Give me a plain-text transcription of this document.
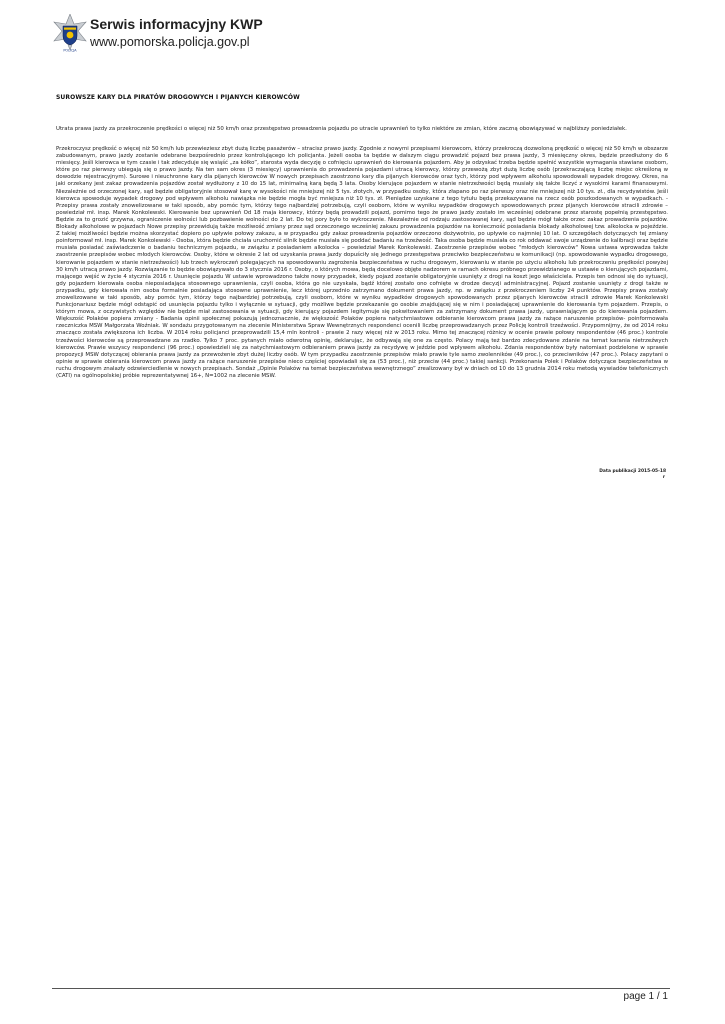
POLICJA
Serwis informacyjny KWP
www.pomorska.policja.gov.pl
SUROWSZE KARY DLA PIRATÓW DROGOWYCH I PIJANYCH KIEROWCÓW
Utrata prawa jazdy za przekroczenie prędkości o więcej niż 50 km/h oraz przestępstwo prowadzenia pojazdu po utracie uprawnień to tylko niektóre ze zmian, które zaczną obowiązywać w najbliższy poniedziałek.
Przekroczysz prędkość o więcej niż 50 km/h lub przewieziesz zbyt dużą liczbę pasażerów – stracisz prawo jazdy. Zgodnie z nowymi przepisami kierowcom, którzy przekroczą dozwoloną prędkość o więcej niż 50 km/h w obszarze zabudowanym, prawo jazdy zostanie odebrane bezpośrednio przez kontrolującego ich policjanta. Jeżeli osoba ta będzie w dalszym ciągu prowadzić pojazd bez prawa jazdy, 3 miesięczny okres, będzie przedłużony do 6 miesięcy. Jeśli kierowca w tym czasie i tak zdecyduje się wsiąść „za kółko”, starosta wyda decyzję o cofnięciu uprawnień do kierowania pojazdem. Aby je odzyskać trzeba będzie spełnić wszystkie wymagania stawiane osobom, które po raz pierwszy ubiegają się o prawo jazdy. Na ten sam okres (3 miesięcy) uprawnienia do prowadzenia pojazdami utracą kierowcy, którzy przewożą zbyt dużą liczbę osób (przekraczającą liczbę miejsc określoną w dowodzie rejestracyjnym). Surowe i nieuchronne kary dla pijanych kierowców W nowych przepisach zaostrzono kary dla pijanych kierowców oraz tych, którzy pod wpływem alkoholu spowodowali wypadek drogowy. Okres, na jaki orzekany jest zakaz prowadzenia pojazdów został wydłużony z 10 do 15 lat, minimalną karą będą 3 lata. Osoby kierujące pojazdem w stanie nietrzeźwości będą musiały się także liczyć z wysokimi karami finansowymi. Niezależnie od orzeczonej kary, sąd będzie obligatoryjnie stosował karę w wysokości nie mniejszej niż 5 tys. złotych, w przypadku osoby, która złapano po raz pierwszy oraz nie mniejszej niż 10 tys. zł., dla recydywistów. Jeśli kierowca spowoduje wypadek drogowy pod wpływem alkoholu nawiązka nie będzie mogła być mniejsza niż 10 tys. zł. Pieniądze uzyskane z tego tytułu będą przekazywane na rzecz osób poszkodowanych w wypadkach. - Przepisy prawa zostały znowelizowane w taki sposób, aby pomóc tym, którzy tego najbardziej potrzebują, czyli osobom, które w wyniku wypadków drogowych spowodowanych przez pijanych kierowców stracili zdrowie – powiedział mł. insp. Marek Konkolewski. Kierowanie bez uprawnień Od 18 maja kierowcy, którzy będą prowadzili pojazd, pomimo tego że prawo jazdy zostało im wcześniej odebrane przez starostę popełnią przestępstwo. Będzie za to grozić grzywna, ograniczenie wolności lub pozbawienie wolności do 2 lat. Do tej pory było to wykroczenie. Niezależnie od rodzaju zastosowanej kary, sąd będzie mógł także orzec zakaz prowadzenia pojazdów. Blokady alkoholowe w pojazdach Nowe przepisy przewidują także możliwość zmiany przez sąd orzeczonego wcześniej zakazu prowadzenia pojazdów na konieczność posiadania blokady alkoholowej tzw. alkolocka w pojeździe. Z takiej możliwości będzie można skorzystać dopiero po upływie połowy zakazu, a w przypadku gdy zakaz prowadzenia pojazdów orzeczono dożywotnio, po upływie co najmniej 10 lat. O szczegółach dotyczących tej zmiany poinformował mł. insp. Marek Konkolewski - Osoba, która będzie chciała uruchomić silnik będzie musiała się poddać badaniu na trzeźwość. Taka osoba będzie musiała co rok oddawać swoje urządzenie do kalibracji oraz będzie musiała posiadać zaświadczenie o badaniu technicznym pojazdu, w związku z posiadaniem alkolocka – powiedział Marek Konkolewski. Zaostrzenie przepisów wobec "młodych kierowców" Nowa ustawa wprowadza także zaostrzenie przepisów wobec młodych kierowców. Osoby, które w okresie 2 lat od uzyskania prawa jazdy dopuściły się jednego przestępstwa przeciwko bezpieczeństwu w komunikacji (np. spowodowanie wypadku drogowego, kierowanie pojazdem w stanie nietrzeźwości) lub trzech wykroczeń polegających na spowodowaniu zagrożenia bezpieczeństwa w ruchu drogowym, kierowaniu w stanie po użyciu alkoholu lub przekroczeniu prędkości powyżej 30 km/h utracą prawo jazdy. Rozwiązanie to będzie obowiązywało do 3 stycznia 2016 r. Osoby, o których mowa, będą docelowo objęte nadzorem w ramach okresu próbnego przewidzianego w ustawie o kierujących pojazdami, mającego wejść w życie 4 stycznia 2016 r. Usunięcie pojazdu W ustawie wprowadzono także nowy przypadek, kiedy pojazd zostanie obligatoryjnie usunięty z drogi na koszt jego właściciela. Przepis ten odnosi się do sytuacji, gdy pojazdem kierowała osoba nieposiadająca stosownego uprawnienia, czyli osoba, która go nie uzyskała, bądź której zostało ono cofnięte w drodze decyzji administracyjnej. Pojazd zostanie usunięty z drogi także w przypadku, gdy kierowała nim osoba formalnie posiadająca stosowne uprawnienie, lecz której uprzednio zatrzymano dokument prawa jazdy, np. w związku z przekroczeniem liczby 24 punktów. Przepisy prawa zostały znowelizowane w taki sposób, aby pomóc tym, którzy tego najbardziej potrzebują, czyli osobom, które w wyniku wypadków drogowych spowodowanych przez pijanych kierowców stracili zdrowie Marek Konkolewski Funkcjonariusz będzie mógł odstąpić od usunięcia pojazdu tylko i wyłącznie w sytuacji, gdy możliwe będzie przekazanie go osobie znajdującej się w nim i posiadającej uprawnienie do kierowania tym pojazdem. Przepis, o którym mowa, z oczywistych względów nie będzie miał zastosowania w sytuacji, gdy kierujący pojazdem legitymuje się pokwitowaniem za zatrzymany dokument prawa jazdy, uprawniającym go do kierowania pojazdem. Większość Polaków popiera zmiany - Badania opinii społecznej pokazują jednoznacznie, że większość Polaków popiera natychmiastowe odbieranie kierowcom prawa jazdy za rażące naruszenie przepisów- poinformowała rzeczniczka MSW Małgorzata Woźniak. W sondażu przygotowanym na zlecenie Ministerstwa Spraw Wewnętrznych respondenci ocenili liczbę przeprowadzanych przez Policję kontroli trzeźwości. Przypomnijmy, że od 2014 roku znacząco została zwiększona ich liczba. W 2014 roku policjanci przeprowadzili 15,4 mln kontroli - prawie 2 razy więcej niż w 2013 roku. Mimo tej znaczącej różnicy w ocenie prawie połowy respondentów (46 proc.) kontrole trzeźwości kierowców są przeprowadzane za rzadko. Tylko 7 proc. pytanych miało odwrotną opinię, deklarując, że odbywają się one za często. Polacy mają też bardzo zdecydowane zdanie na temat karania nietrzeźwych kierowców. Prawie wszyscy respondenci (96 proc.) opowiedzieli się za natychmiastowym odbieraniem prawa jazdy za recydywę w jeździe pod wpływem alkoholu. Zdania respondentów były natomiast podzielone w sprawie propozycji MSW dotyczącej obierania prawa jazdy za przewożenie zbyt dużej liczby osób. W tym przypadku zaostrzenie przepisów miało prawie tyle samo zwolenników (49 proc.), co przeciwników (47 proc.). Polacy zapytani o opinie w sprawie obierania kierowcom prawa jazdy za rażące naruszenie przepisów nieco częściej opowiadali się za (53 proc.), niż przeciw (44 proc.) takiej sankcji. Przekonania Polek i Polaków dotyczące bezpieczeństwa w ruchu drogowym znalazły odzwierciedlenie w nowych przepisach. Sondaż „Opinie Polaków na temat bezpieczeństwa wewnętrznego” zrealizowany był w dniach od 10 do 13 grudnia 2014 roku metodą wywiadów telefonicznych (CATI) na ogólnopolskiej próbie reprezentatywnej 16+, N=1002 na zlecenie MSW.
Data publikacji 2015-05-18
r
page 1 / 1
